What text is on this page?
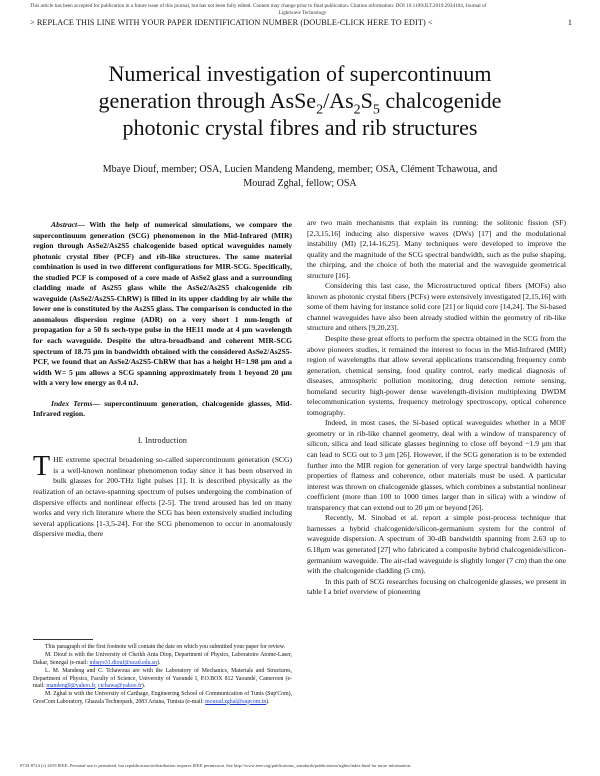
This article has been accepted for publication in a future issue of this journal, but has not been fully edited. Content may change prior to final publication. Citation information: DOI 10.1109/JLT.2019.2934104, Journal of
Lightwave Technology
> REPLACE THIS LINE WITH YOUR PAPER IDENTIFICATION NUMBER (DOUBLE-CLICK HERE TO EDIT) <	1
Numerical investigation of supercontinuum
generation through $AsSe_2/As_2S_5$ chalcogenide
photonic crystal fibres and rib structures
Mbaye Diouf, member; OSA, Lucien Mandeng Mandeng, member; OSA, Clément Tchawoua, and
Mourad Zghal, fellow; OSA

Abstract— With the help of numerical simulations, we compare the supercontinuum generation (SCG) phenomenon in the Mid-Infrared (MIR) region through AsSe2/As2S5 chalcogenide based optical waveguides namely photonic crystal fiber (PCF) and rib-like structures. The same material combination is used in two different configurations for MIR-SCG. Specifically, the studied PCF is composed of a core made of AsSe2 glass and a surrounding cladding made of As2S5 glass while the AsSe2/As2S5 chalcogenide rib waveguide (AsSe2/As2S5-ChRW) is filled in its upper cladding by air while the lower one is constituted by the As2S5 glass. The comparison is conducted in the anomalous dispersion regime (ADR) on a very short 1 mm-length of propagation for a 50 fs sech-type pulse in the HE11 mode at 4 μm wavelength for each waveguide. Despite the ultra-broadband and coherent MIR-SCG spectrum of 18.75 μm in bandwidth obtained with the considered AsSe2/As2S5-PCF, we found that an AsSe2/As2S5-ChRW that has a height H=1.98 μm and a width W= 5 μm allows a SCG spanning approximately from 1 beyond 20 μm with a very low energy as 0.4 nJ.

Index Terms— supercontinuum generation, chalcogenide glasses, Mid-Infrared region.

I. Introduction

THE extreme spectral broadening so-called supercontinuum generation (SCG) is a well-known nonlinear phenomenon today since it has been observed in bulk glasses for 200-THz light pulses [1]. It is described physically as the realization of an octave-spanning spectrum of pulses undergoing the combination of dispersive effects and nonlinear effects [2-5]. The trend aroused has led on many works and very rich literature where the SCG has been extensively studied including several applications [1-3,5-24]. For the SCG phenomenon to occur in anomalously dispersive media, there

This paragraph of the first footnote will contain the date on which you submitted your paper for review.

M. Diouf is with the University of Cheikh Anta Diop, Department of Physics, Laboratoire Atome-Laser, Dakar, Senegal (e-mail: mbaye31.diouf@ucad.edu.sn).

L. M. Mandeng and C. Tchawoua are with the Laboratory of Mechanics, Materials and Structures, Department of Physics, Faculty of Science, University of Yaoundé I, P.O.BOX 812 Yaoundé, Cameroon (e-mail: mandeng9@yahoo.fr, ctchawa@yahoo.fr).

M. Zghal is with the University of Carthage, Engineering School of Communication of Tunis (Sup'Com), GresCom Laboratory, Ghazala Technopark, 2083 Ariana, Tunisia (e-mail: mourad.zghal@supcom.tn).

are two main mechanisms that explain its running: the solitonic fission (SF) [2,3,15,16] inducing also dispersive waves (DWs) [17] and the modulational instability (MI) [2,14-16,25]. Many techniques were developed to improve the quality and the magnitude of the SCG spectral bandwidth, such as the pulse shaping, the chirping, and the choice of both the material and the waveguide geometrical structure [16].

Considering this last case, the Microstructured optical fibers (MOFs) also known as photonic crystal fibers (PCFs) were extensively investigated [2,15,16] with some of them having for instance solid core [21] or liquid core [14,24]. The Si-based channel waveguides have also been already studied within the geometry of rib-like structure and others [9,20,23].

Despite these great efforts to perform the spectra obtained in the SCG from the above pioneers studies, it remained the interest to focus in the Mid-Infrared (MIR) region of wavelengths that allow several applications transcending frequency comb generation, chemical sensing, food quality control, early medical diagnosis of diseases, atmospheric pollution monitoring, drug detection remote sensing, homeland security high-power dense wavelength-division multiplexing DWDM telecommunication systems, frequency metrology spectroscopy, optical coherence tomography.

Indeed, in most cases, the Si-based optical waveguides whether in a MOF geometry or in rib-like channel geometry, deal with a window of transparency of silicon, silica and lead silicate glasses beginning to close off beyond ~1.9 μm that can lead to SCG out to 3 μm [26]. However, if the SCG generation is to be extended further into the MIR region for generation of very large spectral bandwidth having properties of flatness and coherence, other materials must be used. A particular interest was thrown on chalcogenide glasses, which combines a substantial nonlinear coefficient (more than 100 to 1000 times larger than in silica) with a window of transparency that can extend out to 20 μm or beyond [26].

Recently, M. Sinobad et al. report a simple post-process technique that harnesses a hybrid chalcogenide/silicon-germanium system for the control of waveguide dispersion. A spectrum of 30-dB bandwidth spanning from 2.63 up to 6.18μm was generated [27] who fabricated a composite hybrid chalcogenide/silicon-germanium waveguide. The air-clad waveguide is slightly longer (7 cm) than the one with the chalcogenide cladding (5 cm).

In this path of SCG researches focusing on chalcogenide glasses, we present in table I a brief overview of pioneering

0733-8724 (c) 2019 IEEE. Personal use is permitted, but republication/redistribution requires IEEE permission. See http://www.ieee.org/publications_standards/publications/rights/index.html for more information.
